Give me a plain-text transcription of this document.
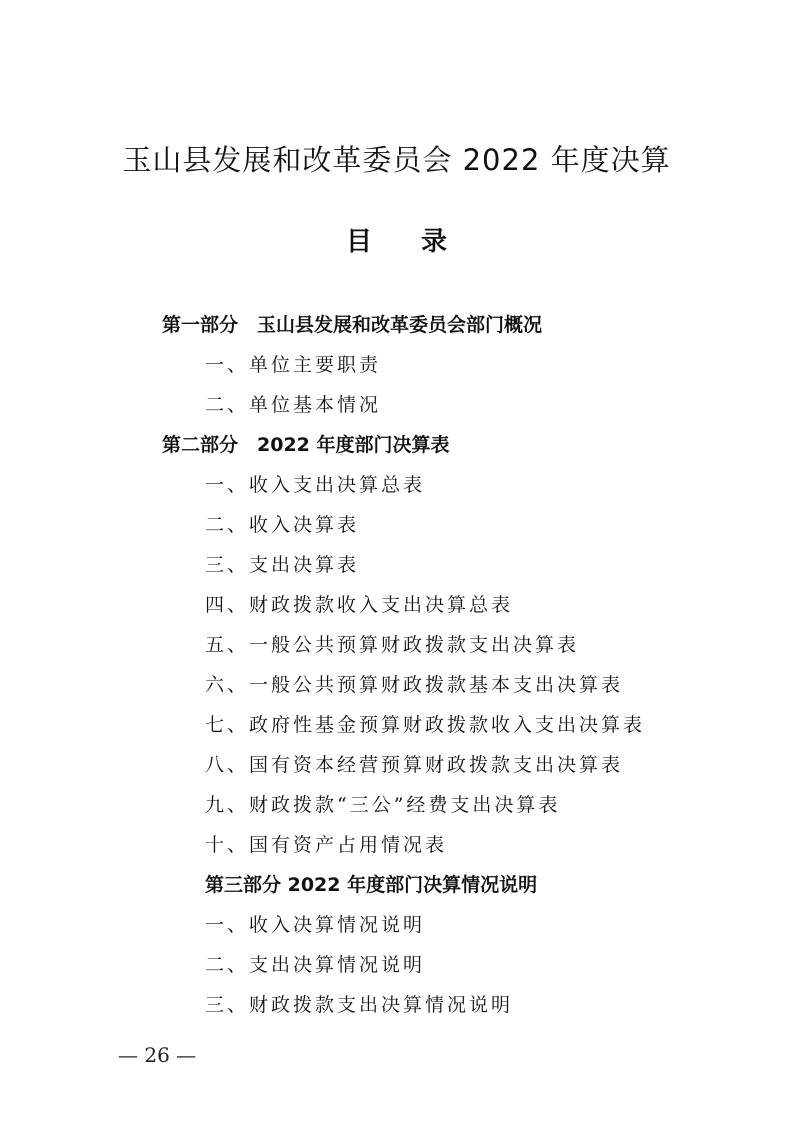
玉山县发展和改革委员会 2022 年度决算
目 录
第一部分　玉山县发展和改革委员会部门概况
一、单位主要职责
二、单位基本情况
第二部分　2022 年度部门决算表
一、收入支出决算总表
二、收入决算表
三、支出决算表
四、财政拨款收入支出决算总表
五、一般公共预算财政拨款支出决算表
六、一般公共预算财政拨款基本支出决算表
七、政府性基金预算财政拨款收入支出决算表
八、国有资本经营预算财政拨款支出决算表
九、财政拨款“三公”经费支出决算表
十、国有资产占用情况表
第三部分 2022 年度部门决算情况说明
一、收入决算情况说明
二、支出决算情况说明
三、财政拨款支出决算情况说明
— 26 —
